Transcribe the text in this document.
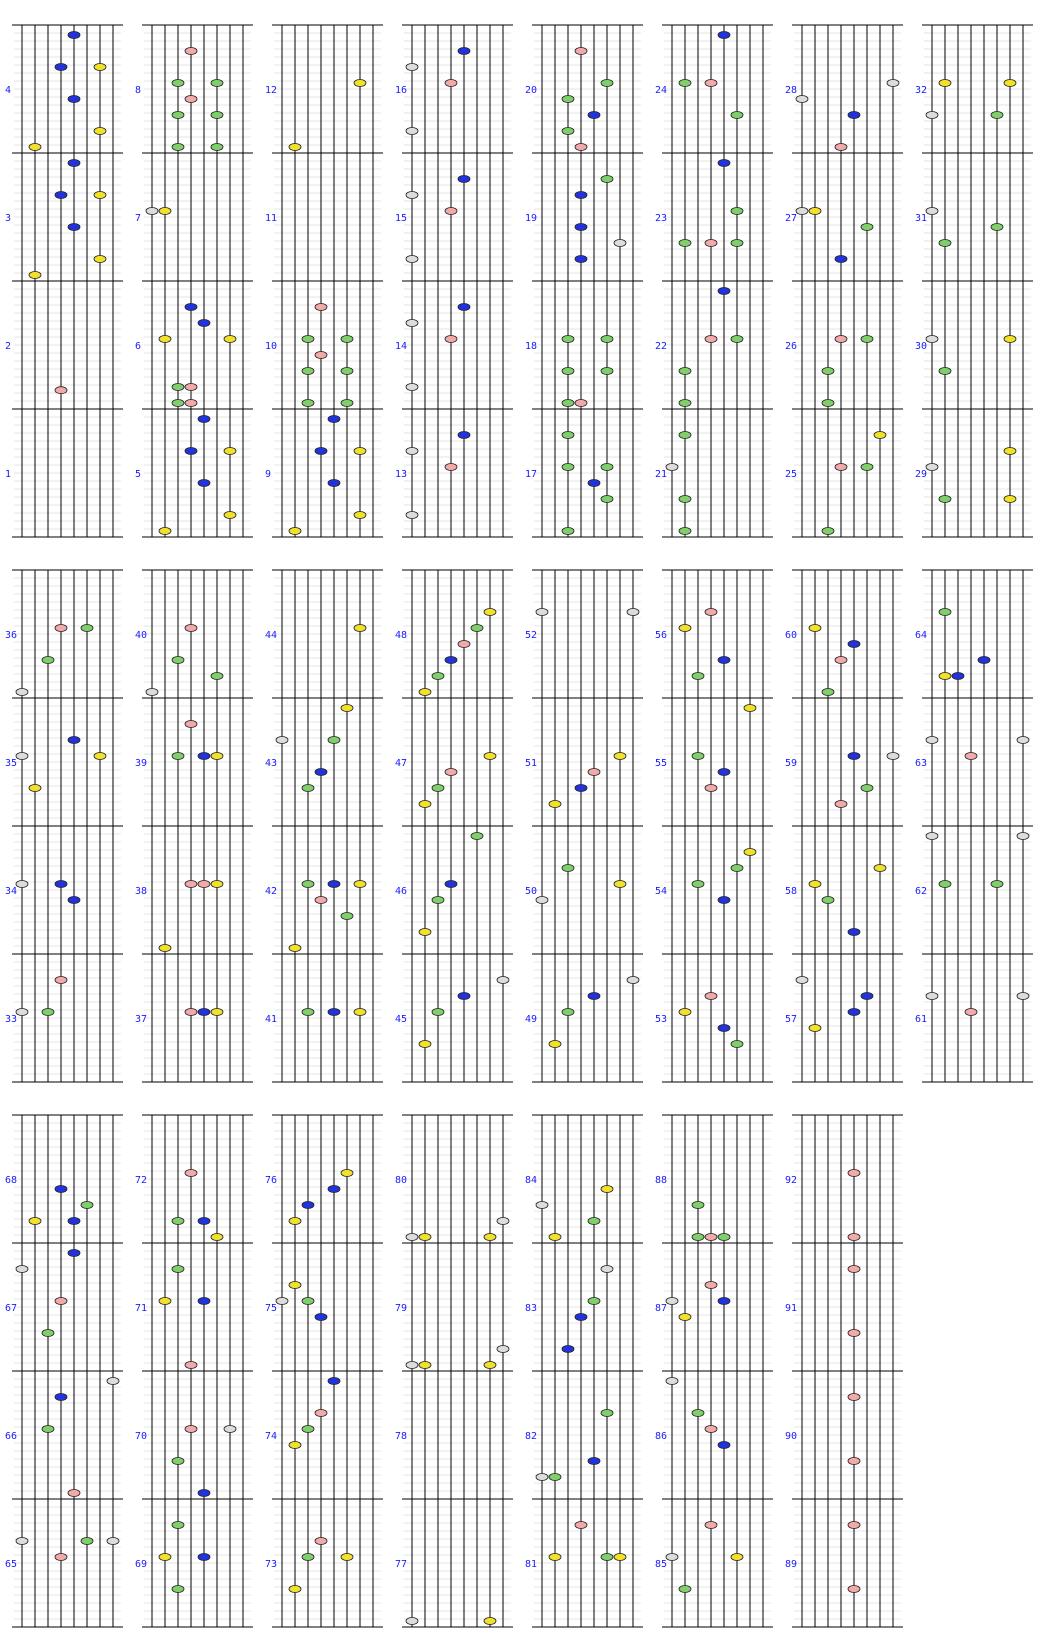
1
2
3
4
5
6
7
8
9
10
11
12
13
14
15
16
17
18
19
20
21
22
23
24
25
26
27
28
29
30
31
32
33
34
35
36
37
38
39
40
41
42
43
44
45
46
47
48
49
50
51
52
53
54
55
56
57
58
59
60
61
62
63
64
65
66
67
68
69
70
71
72
73
74
75
76
77
78
79
80
81
82
83
84
85
86
87
88
89
90
91
92
